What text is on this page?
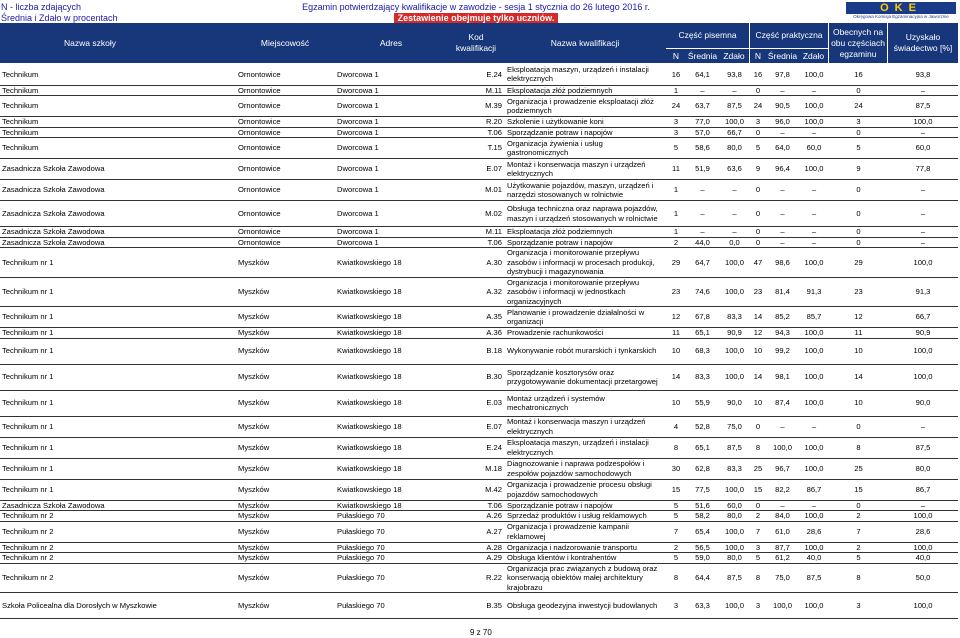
N - liczba zdających
Średnia i Zdało w procentach
Egzamin potwierdzający kwalifikacje w zawodzie - sesja 1 stycznia do 26 lutego 2016 r.
Zestawienie obejmuje tylko uczniów.
OKE
Okręgowa Komisja Egzaminacyjna w Jaworznie
Nazwa szkoły	Miejscowość	Adres
Kod kwalifikacji
Nazwa kwalifikacji
Część pisemna	Część praktyczna	Obecnych na obu częściach egzaminu
Uzyskało świadectwo [%]
N	Średnia Zdało	N Średnia Zdało
Technikum	Ornontowice	Dworcowa 1	E.24	Eksploatacja maszyn, urządzeń i instalacji elektrycznych	16	64,1	93,8	16	97,8	100,0	16	93,8
Technikum	Ornontowice	Dworcowa 1	M.11	Eksploatacja złóż podziemnych	1	–	–	0	–	–	0	–
Technikum	Ornontowice	Dworcowa 1	M.39	Organizacja i prowadzenie eksploatacji złóż podziemnych	24	63,7	87,5	24	90,5	100,0	24	87,5
Technikum	Ornontowice	Dworcowa 1	R.20	Szkolenie i użytkowanie koni	3	77,0	100,0	3	96,0	100,0	3	100,0
Technikum	Ornontowice	Dworcowa 1	T.06	Sporządzanie potraw i napojów	3	57,0	66,7	0	–	–	0	–
Technikum	Ornontowice	Dworcowa 1	T.15	Organizacja żywienia i usług gastronomicznych	5	58,6	80,0	5	64,0	60,0	5	60,0
Zasadnicza Szkoła Zawodowa	Ornontowice	Dworcowa 1	E.07	Montaż i konserwacja maszyn i urządzeń elektrycznych	11	51,9	63,6	9	96,4	100,0	9	77,8
Zasadnicza Szkoła Zawodowa	Ornontowice	Dworcowa 1	M.01	Użytkowanie pojazdów, maszyn, urządzeń i narzędzi stosowanych w rolnictwie	1	–	–	0	–	–	0	–
Zasadnicza Szkoła Zawodowa	Ornontowice	Dworcowa 1	M.02	Obsługa techniczna oraz naprawa pojazdów, maszyn i urządzeń stosowanych w rolnictwie	1	–	–	0	–	–	0	–
Zasadnicza Szkoła Zawodowa	Ornontowice	Dworcowa 1	M.11	Eksploatacja złóż podziemnych	1	–	–	0	–	–	0	–
Zasadnicza Szkoła Zawodowa	Ornontowice	Dworcowa 1	T.06	Sporządzanie potraw i napojów	2	44,0	0,0	0	–	–	0	–
Technikum nr 1	Myszków	Kwiatkowskiego 18	A.30	Organizacja i monitorowanie przepływu zasobów i informacji w procesach produkcji, dystrybucji i magazynowania	29	64,7	100,0	47	98,6	100,0	29	100,0
Technikum nr 1	Myszków	Kwiatkowskiego 18	A.32	Organizacja i monitorowanie przepływu zasobów i informacji w jednostkach organizacyjnych	23	74,6	100,0	23	81,4	91,3	23	91,3
Technikum nr 1	Myszków	Kwiatkowskiego 18	A.35	Planowanie i prowadzenie działalności w organizacji	12	67,8	83,3	14	85,2	85,7	12	66,7
Technikum nr 1	Myszków	Kwiatkowskiego 18	A.36	Prowadzenie rachunkowości	11	65,1	90,9	12	94,3	100,0	11	90,9
Technikum nr 1	Myszków	Kwiatkowskiego 18	B.18	Wykonywanie robót murarskich i tynkarskich	10	68,3	100,0	10	99,2	100,0	10	100,0
Technikum nr 1	Myszków	Kwiatkowskiego 18	B.30	Sporządzanie kosztorysów oraz przygotowywanie dokumentacji przetargowej	14	83,3	100,0	14	98,1	100,0	14	100,0
Technikum nr 1	Myszków	Kwiatkowskiego 18	E.03	Montaż urządzeń i systemów mechatronicznych	10	55,9	90,0	10	87,4	100,0	10	90,0
Technikum nr 1	Myszków	Kwiatkowskiego 18	E.07	Montaż i konserwacja maszyn i urządzeń elektrycznych	4	52,8	75,0	0	–	–	0	–
Technikum nr 1	Myszków	Kwiatkowskiego 18	E.24	Eksploatacja maszyn, urządzeń i instalacji elektrycznych	8	65,1	87,5	8	100,0	100,0	8	87,5
Technikum nr 1	Myszków	Kwiatkowskiego 18	M.18	Diagnozowanie i naprawa podzespołów i zespołów pojazdów samochodowych	30	62,8	83,3	25	96,7	100,0	25	80,0
Technikum nr 1	Myszków	Kwiatkowskiego 18	M.42	Organizacja i prowadzenie procesu obsługi pojazdów samochodowych	15	77,5	100,0	15	82,2	86,7	15	86,7
Zasadnicza Szkoła Zawodowa	Myszków	Kwiatkowskiego 18	T.06	Sporządzanie potraw i napojów	5	51,6	60,0	0	–	–	0	–
Technikum nr 2	Myszków	Pułaskiego 70	A.26	Sprzedaż produktów i usług reklamowych	5	58,2	80,0	2	84,0	100,0	2	100,0
Technikum nr 2	Myszków	Pułaskiego 70	A.27	Organizacja i prowadzenie kampanii reklamowej	7	65,4	100,0	7	61,0	28,6	7	28,6
Technikum nr 2	Myszków	Pułaskiego 70	A.28	Organizacja i nadzorowanie transportu	2	56,5	100,0	3	87,7	100,0	2	100,0
Technikum nr 2	Myszków	Pułaskiego 70	A.29	Obsługa klientów i kontrahentów	5	59,0	80,0	5	61,2	40,0	5	40,0
Technikum nr 2	Myszków	Pułaskiego 70	R.22	Organizacja prac związanych z budową oraz konserwacją obiektów małej architektury krajobrazu	8	64,4	87,5	8	75,0	87,5	8	50,0
Szkoła Policealna dla Dorosłych w Myszkowie	Myszków	Pułaskiego 70	B.35	Obsługa geodezyjna inwestycji budowlanych	3	63,3	100,0	3	100,0	100,0	3	100,0
9 z 70
